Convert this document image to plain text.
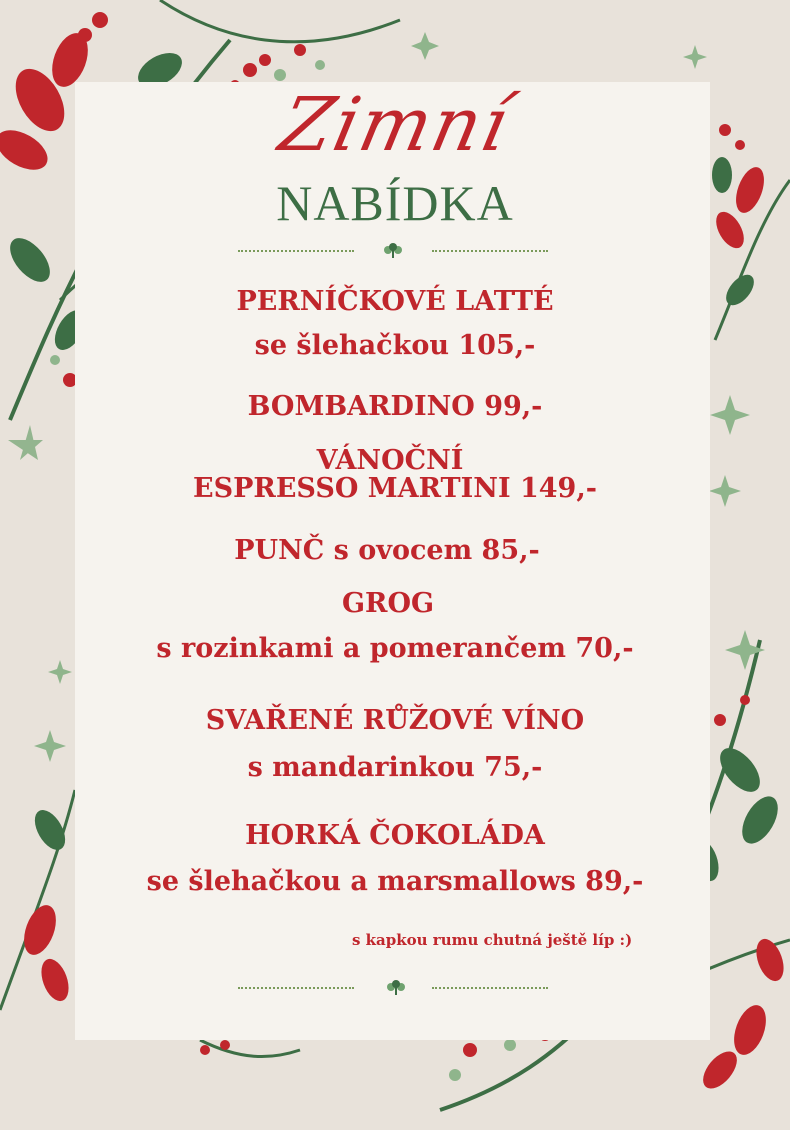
Zimní
NABÍDKA
PERNÍČKOVÉ LATTÉ
se šlehačkou 105,-
BOMBARDINO 99,-
VÁNOČNÍ
ESPRESSO MARTINI 149,-
PUNČ s ovocem 85,-
GROG
s rozinkami a pomerančem 70,-
SVAŘENÉ RŮŽOVÉ VÍNO
s mandarinkou 75,-
HORKÁ ČOKOLÁDA
se šlehačkou a marsmallows 89,-
s kapkou rumu chutná ještě líp :)
